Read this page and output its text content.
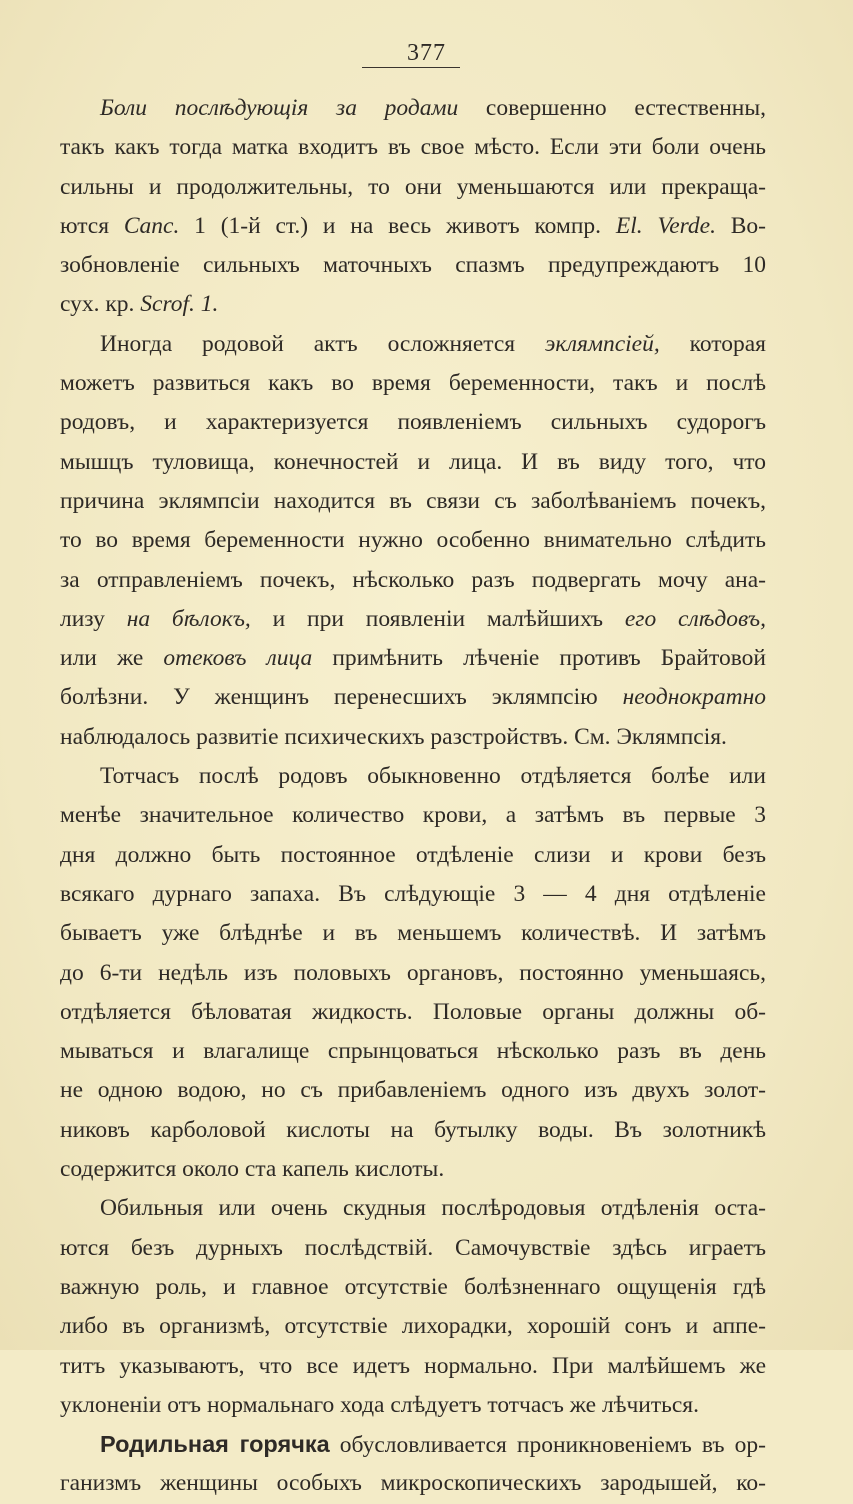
377
Боли послѣдующія за родами совершенно естественны,
такъ какъ тогда матка входитъ въ свое мѣсто. Если эти боли очень
сильны и продолжительны, то они уменьшаются или прекраща-
ются Canc. 1 (1-й ст.) и на весь животъ компр. El. Verde. Во-
зобновленіе сильныхъ маточныхъ спазмъ предупреждаютъ 10
сух. кр. Scrof. 1.
Иногда родовой актъ осложняется эклямпсіей, которая
можетъ развиться какъ во время беременности, такъ и послѣ
родовъ, и характеризуется появленіемъ сильныхъ судорогъ
мышцъ туловища, конечностей и лица. И въ виду того, что
причина эклямпсіи находится въ связи съ заболѣваніемъ почекъ,
то во время беременности нужно особенно внимательно слѣдить
за отправленіемъ почекъ, нѣсколько разъ подвергать мочу ана-
лизу на бѣлокъ, и при появленіи малѣйшихъ его слѣдовъ,
или же отековъ лица примѣнить лѣченіе противъ Брайтовой
болѣзни. У женщинъ перенесшихъ эклямпсію неоднократно
наблюдалось развитіе психическихъ разстройствъ. См. Эклямпсія.
Тотчасъ послѣ родовъ обыкновенно отдѣляется болѣе или
менѣе значительное количество крови, а затѣмъ въ первые 3
дня должно быть постоянное отдѣленіе слизи и крови безъ
всякаго дурнаго запаха. Въ слѣдующіе 3 — 4 дня отдѣленіе
бываетъ уже блѣднѣе и въ меньшемъ количествѣ. И затѣмъ
до 6-ти недѣль изъ половыхъ органовъ, постоянно уменьшаясь,
отдѣляется бѣловатая жидкость. Половые органы должны об-
мываться и влагалище спрынцоваться нѣсколько разъ въ день
не одною водою, но съ прибавленіемъ одного изъ двухъ золот-
никовъ карболовой кислоты на бутылку воды. Въ золотникѣ
содержится около ста капель кислоты.
Обильныя или очень скудныя послѣродовыя отдѣленія оста-
ются безъ дурныхъ послѣдствій. Самочувствіе здѣсь играетъ
важную роль, и главное отсутствіе болѣзненнаго ощущенія гдѣ
либо въ организмѣ, отсутствіе лихорадки, хорошій сонъ и аппе-
титъ указываютъ, что все идетъ нормально. При малѣйшемъ же
уклоненіи отъ нормальнаго хода слѣдуетъ тотчасъ же лѣчиться.
Родильная горячка обусловливается проникновеніемъ въ ор-
ганизмъ женщины особыхъ микроскопическихъ зародышей, ко-
